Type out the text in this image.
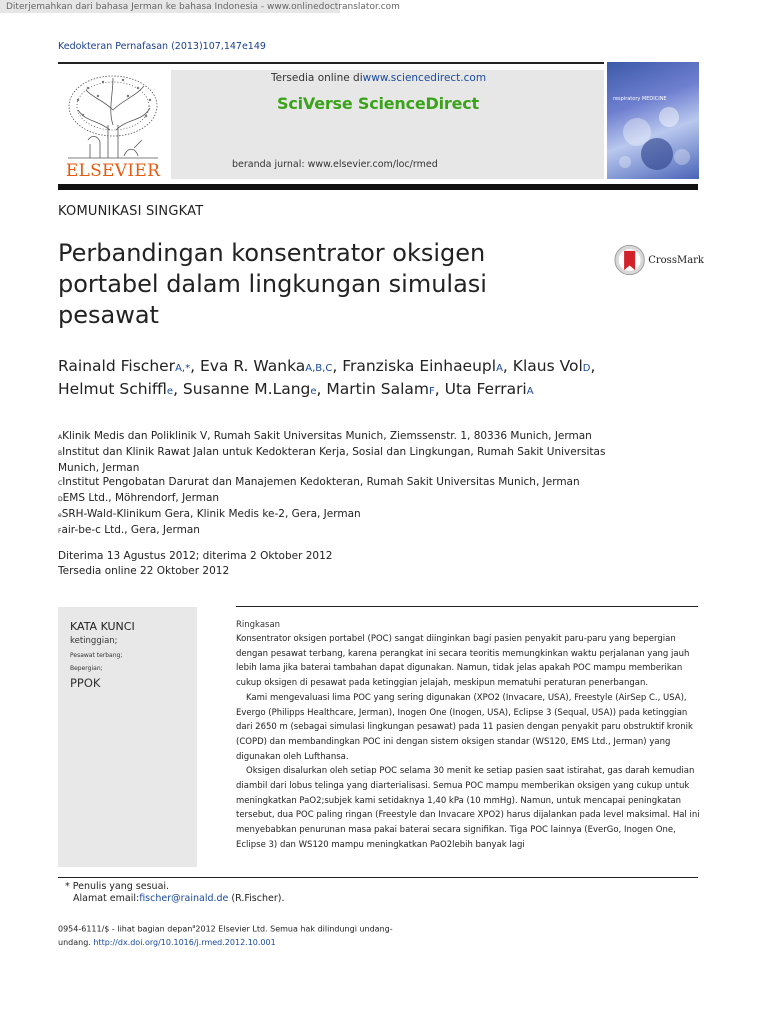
Diterjemahkan dari bahasa Jerman ke bahasa Indonesia - www.onlinedoctranslator.com
Kedokteran Pernafasan (2013)107,147e149
ELSEVIER
Tersedia online diwww.sciencedirect.com
SciVerse ScienceDirect
beranda jurnal: www.elsevier.com/loc/rmed
respiratory MEDICINE
KOMUNIKASI SINGKAT
Perbandingan konsentrator oksigen portabel dalam lingkungan simulasi pesawat
CrossMark
Rainald FischerA,*, Eva R. WankaA,B,C, Franziska EinhaeuplA, Klaus VolD,
Helmut Schiffle, Susanne M.Lange, Martin SalamF, Uta FerrariA
AKlinik Medis dan Poliklinik V, Rumah Sakit Universitas Munich, Ziemssenstr. 1, 80336 Munich, Jerman
BInstitut dan Klinik Rawat Jalan untuk Kedokteran Kerja, Sosial dan Lingkungan, Rumah Sakit Universitas Munich, Jerman
CInstitut Pengobatan Darurat dan Manajemen Kedokteran, Rumah Sakit Universitas Munich, Jerman
DEMS Ltd., Möhrendorf, Jerman
eSRH-Wald-Klinikum Gera, Klinik Medis ke-2, Gera, Jerman
Fair-be-c Ltd., Gera, Jerman
Diterima 13 Agustus 2012; diterima 2 Oktober 2012
Tersedia online 22 Oktober 2012
KATA KUNCI
ketinggian;
Pesawat terbang;
Bepergian;
PPOK
Ringkasan

Konsentrator oksigen portabel (POC) sangat diinginkan bagi pasien penyakit paru-paru yang bepergian dengan pesawat terbang, karena perangkat ini secara teoritis memungkinkan waktu perjalanan yang jauh lebih lama jika baterai tambahan dapat digunakan. Namun, tidak jelas apakah POC mampu memberikan cukup oksigen di pesawat pada ketinggian jelajah, meskipun mematuhi peraturan penerbangan.

Kami mengevaluasi lima POC yang sering digunakan (XPO2 (Invacare, USA), Freestyle (AirSep C., USA), Evergo (Philipps Healthcare, Jerman), Inogen One (Inogen, USA), Eclipse 3 (Sequal, USA)) pada ketinggian dari 2650 m (sebagai simulasi lingkungan pesawat) pada 11 pasien dengan penyakit paru obstruktif kronik (COPD) dan membandingkan POC ini dengan sistem oksigen standar (WS120, EMS Ltd., Jerman) yang digunakan oleh Lufthansa.

Oksigen disalurkan oleh setiap POC selama 30 menit ke setiap pasien saat istirahat, gas darah kemudian diambil dari lobus telinga yang diarterialisasi. Semua POC mampu memberikan oksigen yang cukup untuk meningkatkan PaO2;subjek kami setidaknya 1,40 kPa (10 mmHg). Namun, untuk mencapai peningkatan tersebut, dua POC paling ringan (Freestyle dan Invacare XPO2) harus dijalankan pada level maksimal. Hal ini menyebabkan penurunan masa pakai baterai secara signifikan. Tiga POC lainnya (EverGo, Inogen One, Eclipse 3) dan WS120 mampu meningkatkan PaO2lebih banyak lagi

* Penulis yang sesuai.
Alamat email:fischer@rainald.de (R.Fischer).
0954-6111/$ - lihat bagian depan$^a$2012 Elsevier Ltd. Semua hak dilindungi undang-undang. http://dx.doi.org/10.1016/j.rmed.2012.10.001
